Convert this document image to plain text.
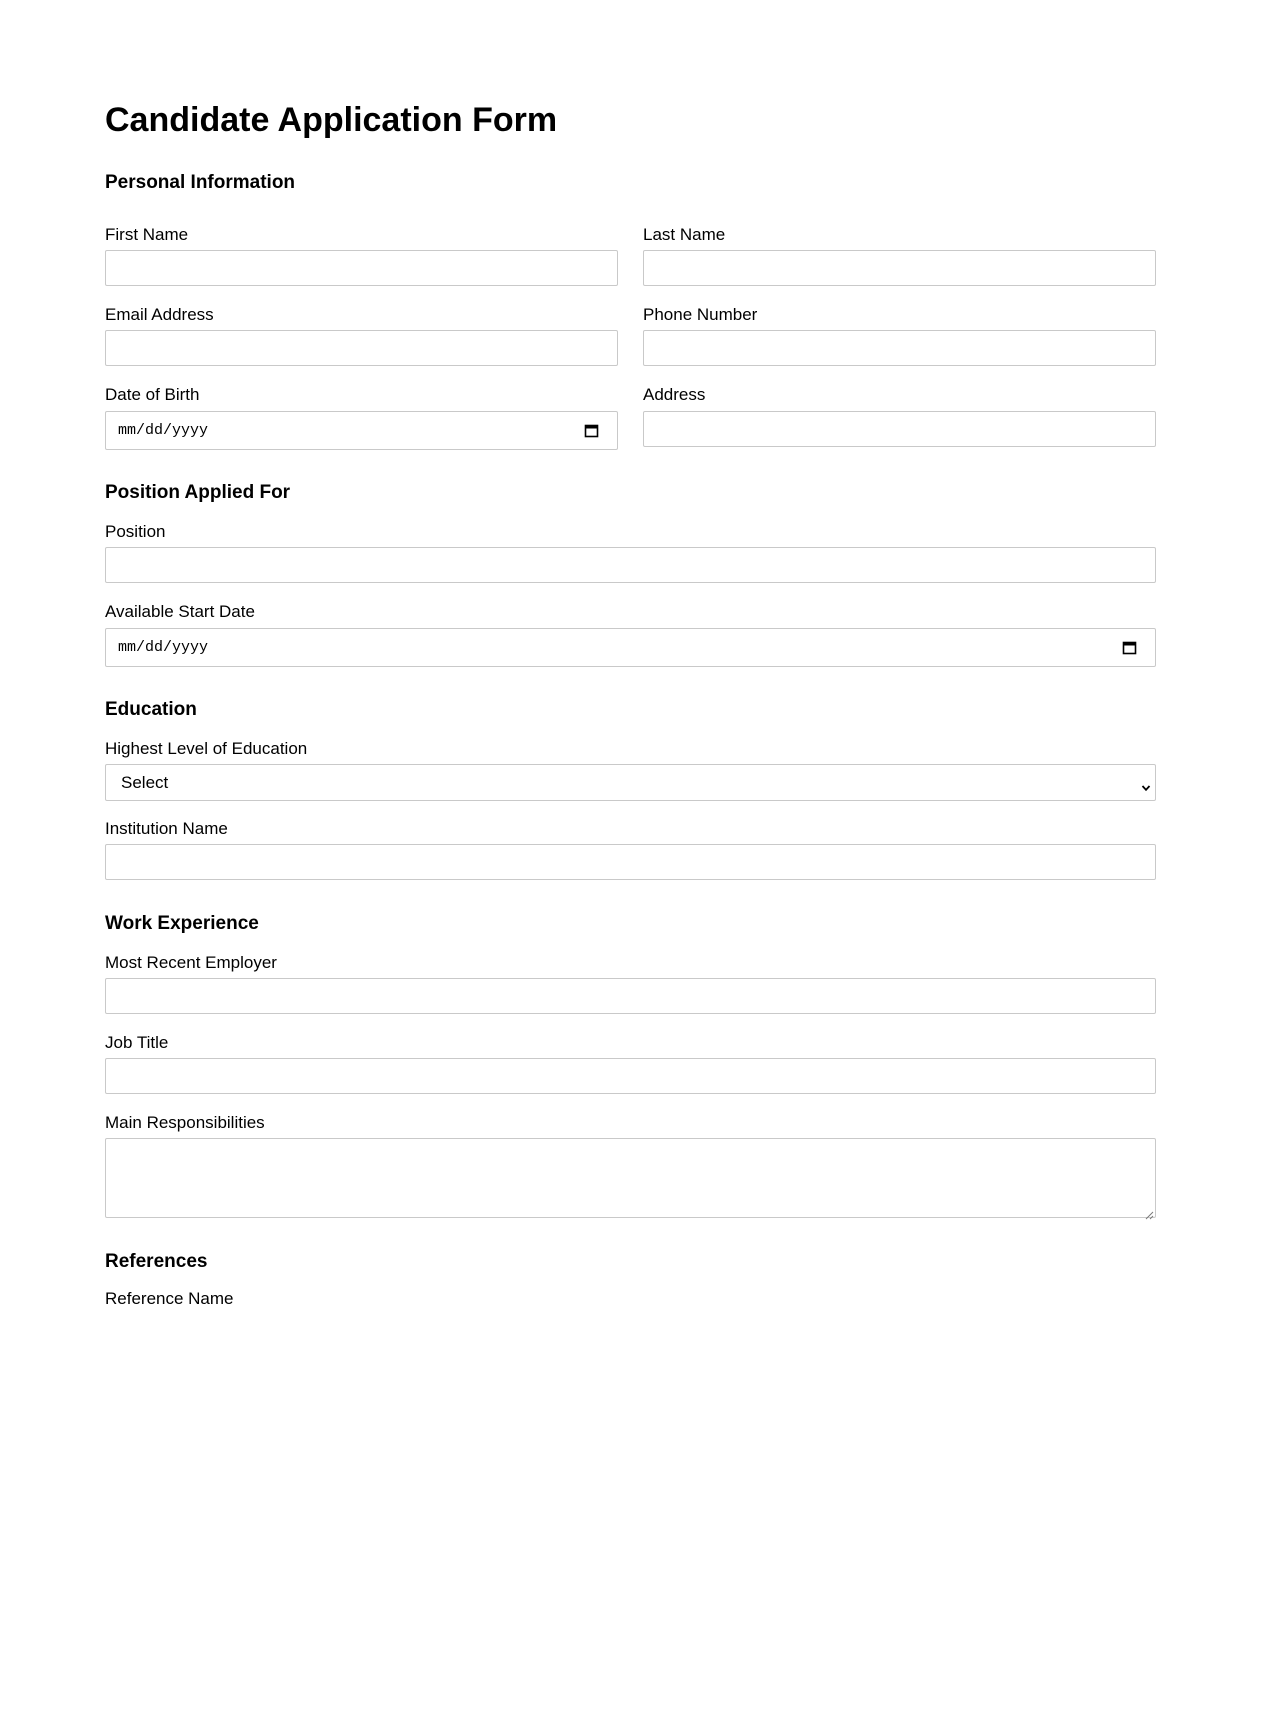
Candidate Application Form
Personal Information
First Name	Last Name
Email Address	Phone Number
Date of Birth
mm/dd/yyyy
Address
Position Applied For
Position
Available Start Date
mm/dd/yyyy
Education
Highest Level of Education
Select
Institution Name
Work Experience
Most Recent Employer
Job Title
Main Responsibilities
References
Reference Name
